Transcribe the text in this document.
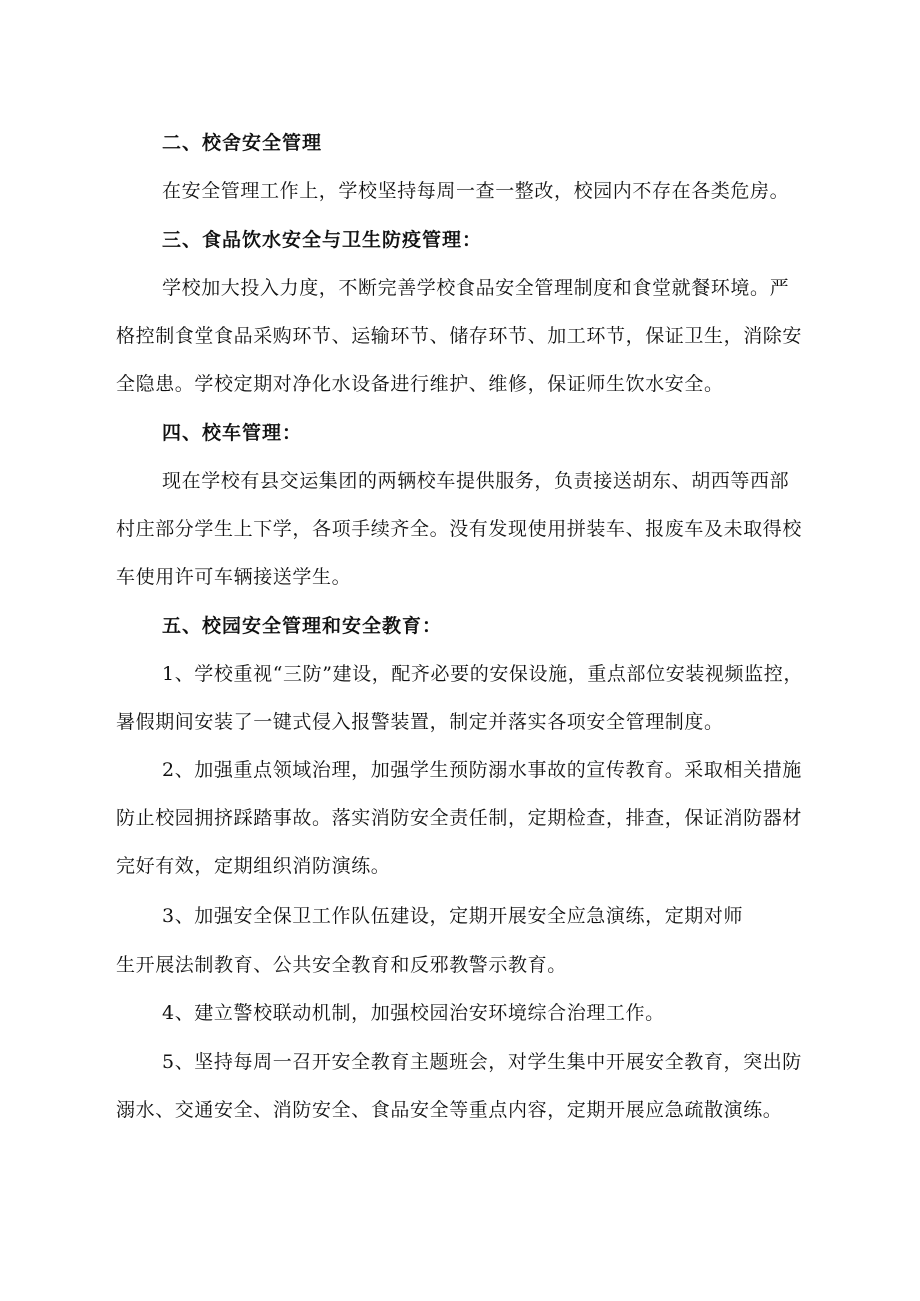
二、校舍安全管理
在安全管理工作上，学校坚持每周一查一整改，校园内不存在各类危房。
三、食品饮水安全与卫生防疫管理：
学校加大投入力度，不断完善学校食品安全管理制度和食堂就餐环境。严
格控制食堂食品采购环节、运输环节、储存环节、加工环节，保证卫生，消除安
全隐患。学校定期对净化水设备进行维护、维修，保证师生饮水安全。
四、校车管理：
现在学校有县交运集团的两辆校车提供服务，负责接送胡东、胡西等西部
村庄部分学生上下学，各项手续齐全。没有发现使用拼装车、报废车及未取得校
车使用许可车辆接送学生。
五、校园安全管理和安全教育：
1、学校重视“三防”建设，配齐必要的安保设施，重点部位安装视频监控，
暑假期间安装了一键式侵入报警装置，制定并落实各项安全管理制度。
2、加强重点领域治理，加强学生预防溺水事故的宣传教育。采取相关措施
防止校园拥挤踩踏事故。落实消防安全责任制，定期检查，排查，保证消防器材
完好有效，定期组织消防演练。
3、加强安全保卫工作队伍建设，定期开展安全应急演练，定期对师
生开展法制教育、公共安全教育和反邪教警示教育。
4、建立警校联动机制，加强校园治安环境综合治理工作。
5、坚持每周一召开安全教育主题班会，对学生集中开展安全教育，突出防
溺水、交通安全、消防安全、食品安全等重点内容，定期开展应急疏散演练。
